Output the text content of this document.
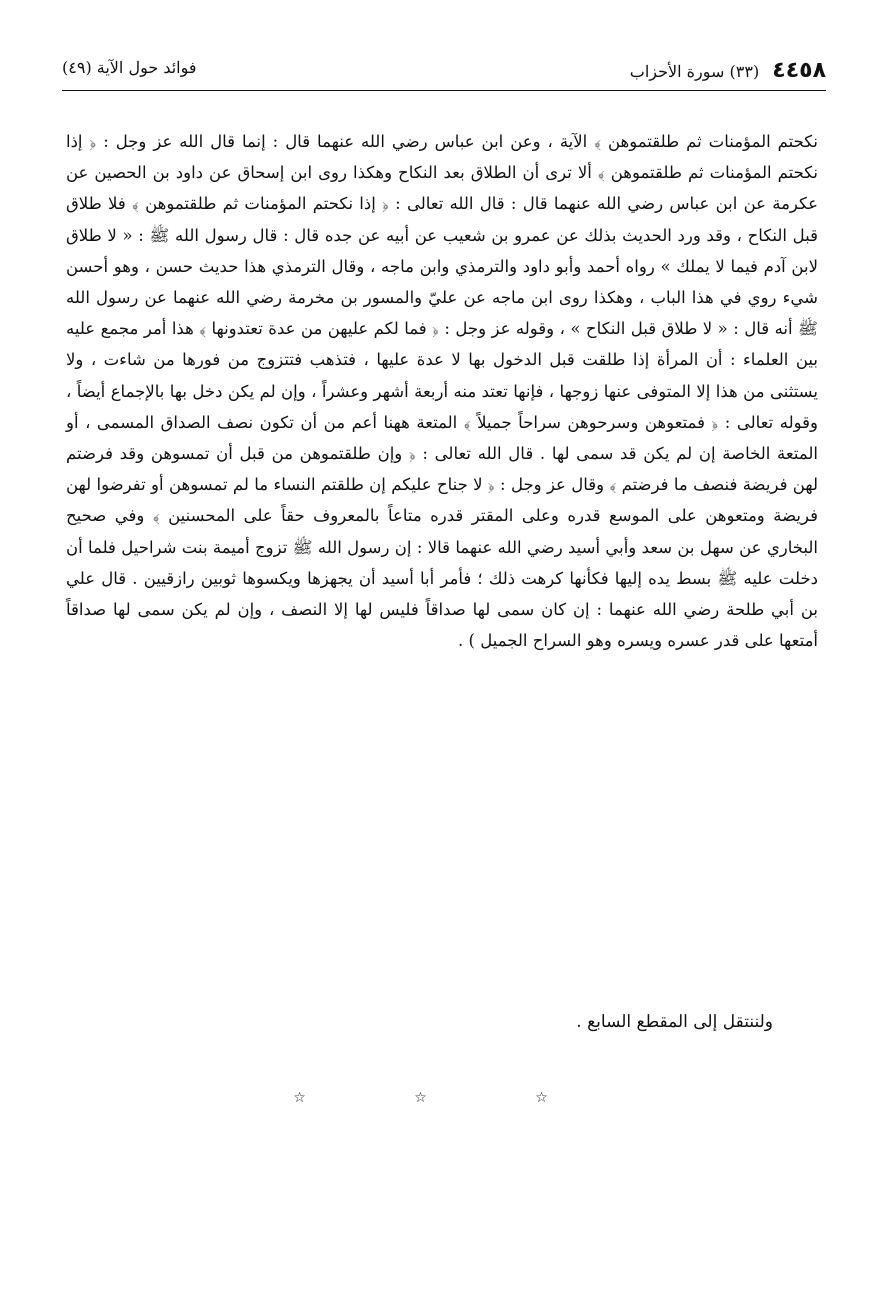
٤٤٥٨ (٣٣) سورة الأحزاب
فوائد حول الآية (٤٩)

نكحتم المؤمنات ثم طلقتموهن ﴾ الآية ، وعن ابن عباس رضي الله عنهما قال : إنما قال الله عز وجل : ﴿ إذا نكحتم المؤمنات ثم طلقتموهن ﴾ ألا ترى أن الطلاق بعد النكاح وهكذا روى ابن إسحاق عن داود بن الحصين عن عكرمة عن ابن عباس رضي الله عنهما قال : قال الله تعالى : ﴿ إذا نكحتم المؤمنات ثم طلقتموهن ﴾ فلا طلاق قبل النكاح ، وقد ورد الحديث بذلك عن عمرو بن شعيب عن أبيه عن جده قال : قال رسول الله ﷺ : « لا طلاق لابن آدم فيما لا يملك » رواه أحمد وأبو داود والترمذي وابن ماجه ، وقال الترمذي هذا حديث حسن ، وهو أحسن شيء روي في هذا الباب ، وهكذا روى ابن ماجه عن عليّ والمسور بن مخرمة رضي الله عنهما عن رسول الله ﷺ أنه قال : « لا طلاق قبل النكاح » ، وقوله عز وجل : ﴿ فما لكم عليهن من عدة تعتدونها ﴾ هذا أمر مجمع عليه بين العلماء : أن المرأة إذا طلقت قبل الدخول بها لا عدة عليها ، فتذهب فتتزوج من فورها من شاءت ، ولا يستثنى من هذا إلا المتوفى عنها زوجها ، فإنها تعتد منه أربعة أشهر وعشراً ، وإن لم يكن دخل بها بالإجماع أيضاً ، وقوله تعالى : ﴿ فمتعوهن وسرحوهن سراحاً جميلاً ﴾ المتعة ههنا أعم من أن تكون نصف الصداق المسمى ، أو المتعة الخاصة إن لم يكن قد سمى لها . قال الله تعالى : ﴿ وإن طلقتموهن من قبل أن تمسوهن وقد فرضتم لهن فريضة فنصف ما فرضتم ﴾ وقال عز وجل : ﴿ لا جناح عليكم إن طلقتم النساء ما لم تمسوهن أو تفرضوا لهن فريضة ومتعوهن على الموسع قدره وعلى المقتر قدره متاعاً بالمعروف حقاً على المحسنين ﴾ وفي صحيح البخاري عن سهل بن سعد وأبي أسيد رضي الله عنهما قالا : إن رسول الله ﷺ تزوج أميمة بنت شراحيل فلما أن دخلت عليه ﷺ بسط يده إليها فكأنها كرهت ذلك ؛ فأمر أبا أسيد أن يجهزها ويكسوها ثوبين رازقيين . قال علي بن أبي طلحة رضي الله عنهما : إن كان سمى لها صداقاً فليس لها إلا النصف ، وإن لم يكن سمى لها صداقاً أمتعها على قدر عسره ويسره وهو السراح الجميل ) .

ولننتقل إلى المقطع السابع .
☆ ☆ ☆
